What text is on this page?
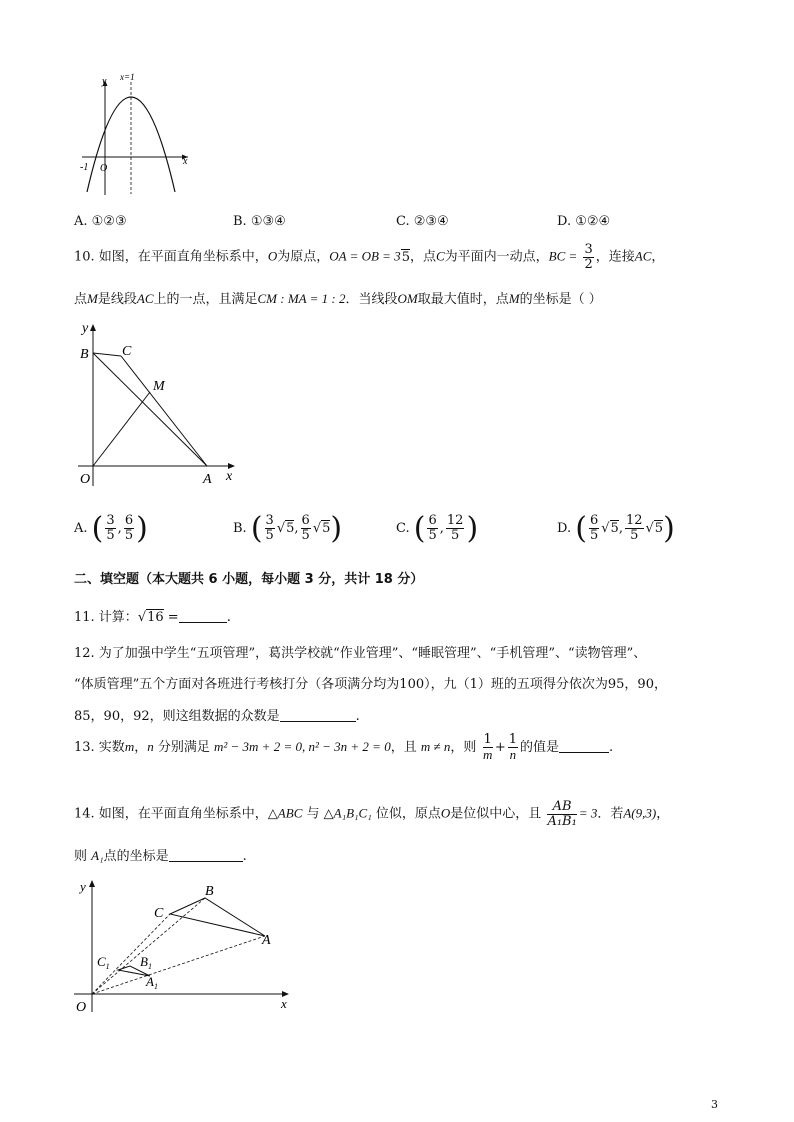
y
x
x=1
-1 O
A. ①②③	B. ①③④	C. ②③④	D. ①②④
10. 如图，在平面直角坐标系中，O为原点，OA = OB = 35，点C为平面内一动点，BC = $\frac{3}{2}$ ，连接AC，
点M是线段AC上的一点，且满足CM : MA = 1 : 2．当线段OM取最大值时，点M的坐标是（ ）
y
x
B C
M
O	A
A. ( $\frac{3}{5}$ , $\frac{6}{5}$ )	B. ( $\frac{3}{5} √5$, $\frac{6}{5} √5$)	C. ( $\frac{6}{5}$ , $\frac{12}{5}$ )	D. ( $\frac{6}{5} √5$, $\frac{12}{5} √5$)
二、填空题（本大题共 6 小题，每小题 3 分，共计 18 分）
11. 计算：√16 =	.
12. 为了加强中学生“五项管理”，葛洪学校就“作业管理”、“睡眠管理”、“手机管理”、“读物管理”、
“体质管理”五个方面对各班进行考核打分（各项满分均为100），九（1）班的五项得分依次为95，90，
85，90，92，则这组数据的众数是	.
13. 实数m，n 分别满足 m² − 3m + 2 = 0, n² − 3n + 2 = 0，且 m ≠ n，则 $\frac{1}{m} + \frac{1}{n}$ 的值是	.
14. 如图，在平面直角坐标系中，△ABC 与 △A₁B₁C₁ 位似，原点O是位似中心，且 $\frac{AB}{\text{A₁B₁}} = 3$．若A(9,3)，
则 A₁点的坐标是	.
y
x
B
C
A
$C_1$ $B_1$
$A_1$
O
3
